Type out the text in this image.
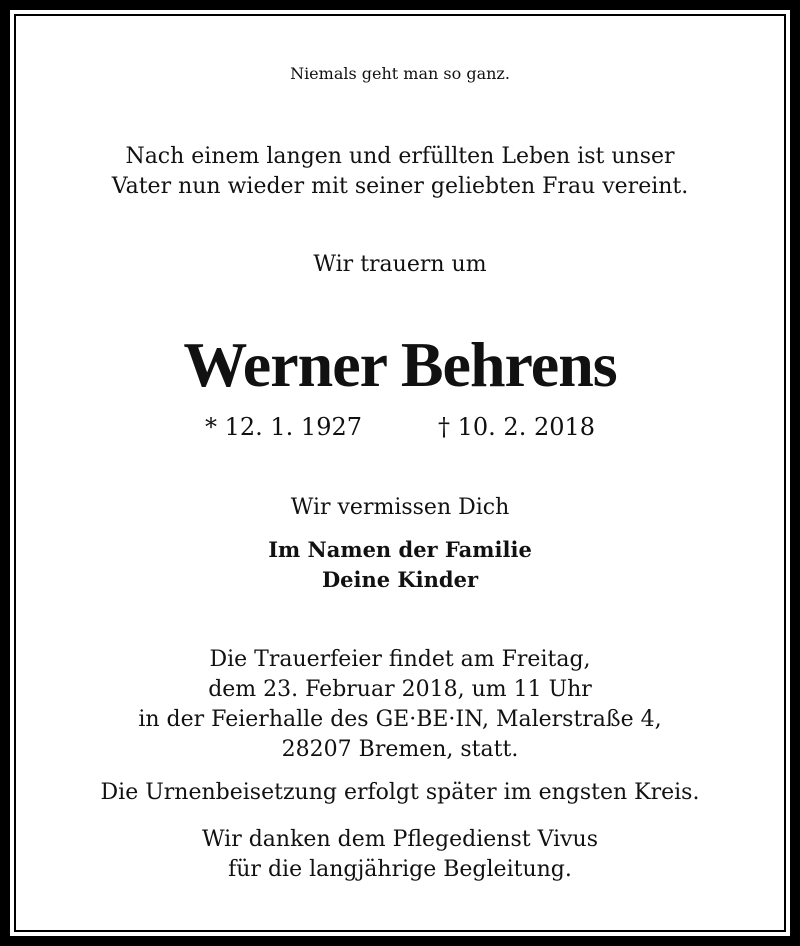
Niemals geht man so ganz.

Nach einem langen und erfüllten Leben ist unser
Vater nun wieder mit seiner geliebten Frau vereint.

Wir trauern um

Werner Behrens

* 12. 1. 1927	† 10. 2. 2018

Wir vermissen Dich

Im Namen der Familie
Deine Kinder

Die Trauerfeier findet am Freitag,
dem 23. Februar 2018, um 11 Uhr
in der Feierhalle des GE·BE·IN, Malerstraße 4,
28207 Bremen, statt.

Die Urnenbeisetzung erfolgt später im engsten Kreis.

Wir danken dem Pflegedienst Vivus
für die langjährige Begleitung.
